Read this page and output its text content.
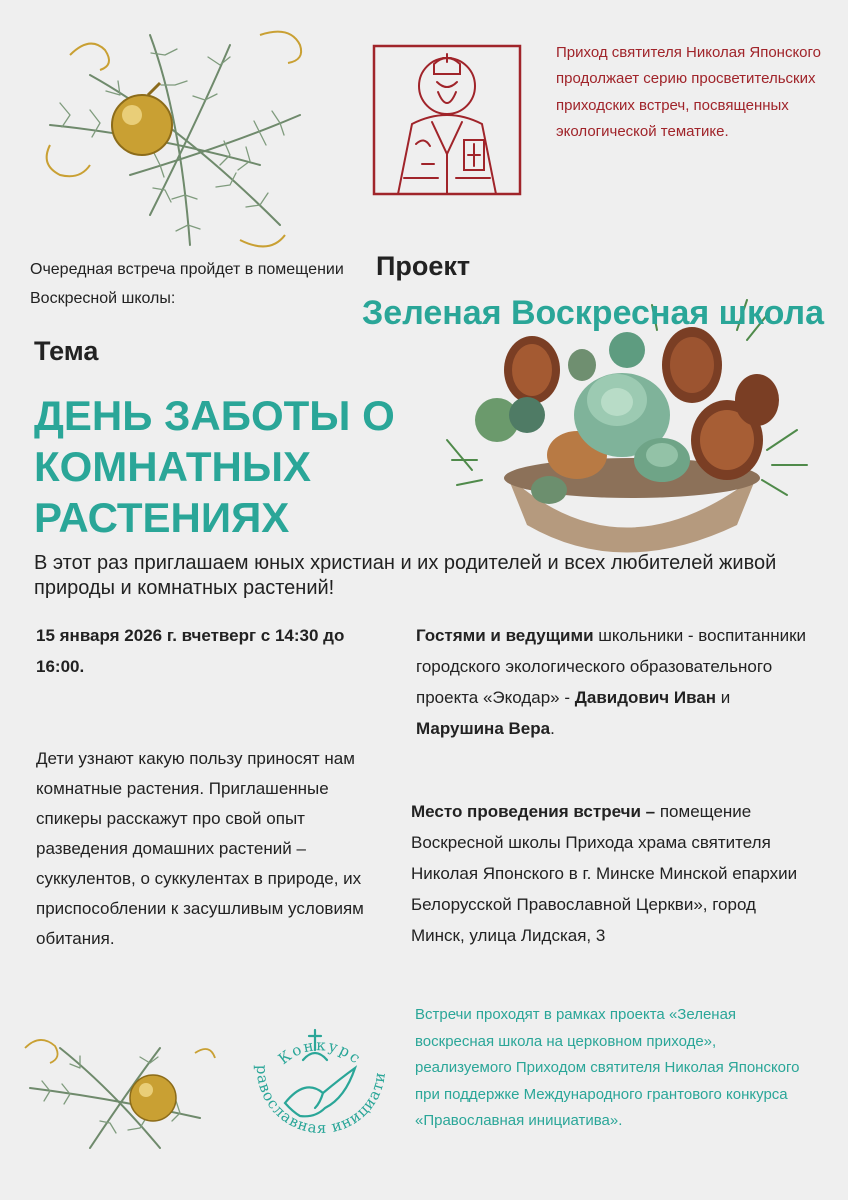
Приход святителя Николая Японского продолжает серию просветительских приходских встреч, посвященных экологической тематике.
Очередная встреча пройдет в помещении Воскресной школы:
Проект
Зеленая Воскресная школа
Тема
ДЕНЬ ЗАБОТЫ О КОМНАТНЫХ РАСТЕНИЯХ
В этот раз приглашаем юных христиан и их родителей и всех любителей живой природы и комнатных растений!
15 января 2026 г. вчетверг с 14:30 до 16:00.
Дети узнают какую пользу приносят нам комнатные растения. Приглашенные спикеры расскажут про свой опыт разведения домашних растений – суккулентов, о суккулентах в природе, их приспособлении к засушливым условиям обитания.
Гостями и ведущими школьники - воспитанники городского экологического образовательного проекта «Экодар» - Давидович Иван и Марушина Вера.
Место проведения встречи – помещение Воскресной школы Прихода храма святителя Николая Японского в г. Минске Минской епархии Белорусской Православной Церкви», город Минск, улица Лидская, 3
Конкурс
равославная инициати
Встречи проходят в рамках проекта «Зеленая воскресная школа на церковном приходе», реализуемого Приходом святителя Николая Японского
при поддержке Международного грантового конкурса «Православная инициатива».
